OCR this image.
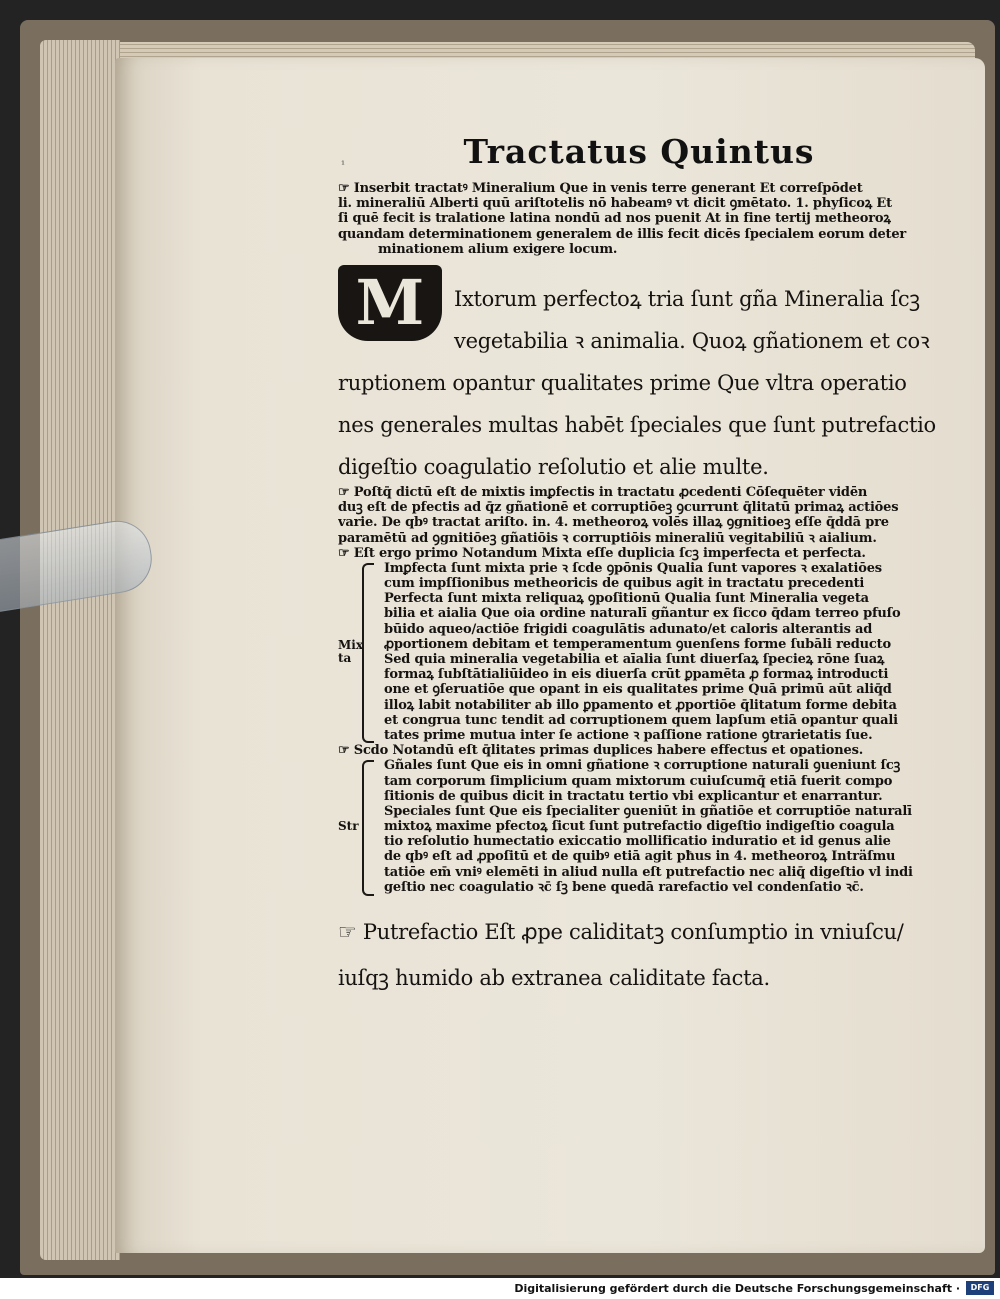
¹	Tractatus Quintus
☞ Inserbit tractatꝰ Mineralium Que in venis terre generant Et correſpōdet
li. mineraliū Alberti quū ariſtotelis nō habeamꝰ vt dicit ꝯmētato. 1. phyſicoꝝ Et
ſi quē fecit is tralatione latina nondū ad nos puenit At in fine tertij metheoroꝝ
quandam determinationem generalem de illis fecit dicēs ſpecialem eorum deter
minationem alium exigere locum.
M	Ixtorum perfectoꝝ tria ſunt gña Mineralia ſcꝫ
vegetabilia ꝛ animalia. Quoꝝ gñationem et coꝛ
ruptionem opantur qualitates prime Que vltra operatio
nes generales multas habēt ſpeciales que ſunt putrefactio
digeſtio coagulatio reſolutio et alie multe.
☞ Poſtq̄ dictū eſt de mixtis imꝑfectis in tractatu ꝓcedenti Cōſequēter vidēn
duꝫ eſt de pfectis ad q̄z gñationē et corruptiōeꝫ ꝯcurrunt q̄litatū primaꝝ actiōes
varie. De qbꝰ tractat ariſto. in. 4. metheoroꝝ volēs illaꝝ ꝯgnitioeꝫ eſſe q̄ddā pre
paramētū ad ꝯgnitiōeꝫ gñatiōis ꝛ corruptiōis mineraliū vegitabiliū ꝛ aialium.
☞ Eſt ergo primo Notandum Mixta eſſe duplicia ſcꝫ imperfecta et perfecta.
Mix ta
Imꝑfecta ſunt mixta prie ꝛ ſcde ꝯpōnis Qualia ſunt vapores ꝛ exalatiōes
cum impſſionibus metheoricis de quibus agit in tractatu precedenti
Perfecta ſunt mixta reliquaꝝ ꝯpoſitionū Qualia ſunt Mineralia vegeta
bilia et aialia Que oia ordine naturalī gñantur ex ſicco q̄dam terreo pfuſo
būido aqueo/actiōe frigidi coagulātis adunato/et caloris alterantis ad
ꝓportionem debitam et temperamentum ꝯuenſens forme ſubāli reducto
Sed quia mineralia vegetabilia et aīalia ſunt diuerſaꝝ ſpecieꝝ rōne ſuaꝝ
formaꝝ ſubſtātialiūideo in eis diuerſa crūt ꝑpamēta ꝓ formaꝝ introducti
one et ꝯſeruatiōe que opant in eis qualitates prime Quā primū aūt aliq̄d
illoꝝ labit notabiliter ab illo ꝑpamento et ꝓportiōe q̄litatum forme debita
et congrua tunc tendit ad corruptionem quem lapſum etiā opantur quali
tates prime mutua inter ſe actione ꝛ paſſione ratione ꝯtrarietatis ſue.
☞ Scdo Notandū eſt q̄litates primas duplices habere effectus et opationes.
Str
Gñales ſunt Que eis in omni gñatione ꝛ corruptione naturali ꝯueniunt ſcꝫ
tam corporum ſimplicium quam mixtorum cuiuſcumq̄ etiā fuerit compo
ſitionis de quibus dicit in tractatu tertio vbi explicantur et enarrantur.
Speciales ſunt Que eis ſpecialiter ꝯueniūt in gñatiōe et corruptiōe naturalī
mixtoꝝ maxime pfectoꝝ ſicut ſunt putrefactio digeſtio indigeſtio coagula
tio reſolutio humectatio exiccatio mollificatio induratio et id genus alie
de qbꝰ eſt ad ꝓpoſitū et de quibꝰ etiā agit pħus in 4. metheoroꝝ Inträſmu
tatiōe em̄ vniꝰ elemēti in aliud nulla eſt putrefactio nec aliq̄ digeſtio vl̄ indi
geſtio nec coagulatio ꝛc̄ ſꝫ bene quedā rarefactio vel condenſatio ꝛc̄.
☞ Putrefactio Eſt ꝓpe caliditatꝫ conſumptio in vniuſcu/
iuſqꝫ humido ab extranea caliditate facta.
Digitalisierung gefördert durch die Deutsche Forschungsgemeinschaft ·	DFG
